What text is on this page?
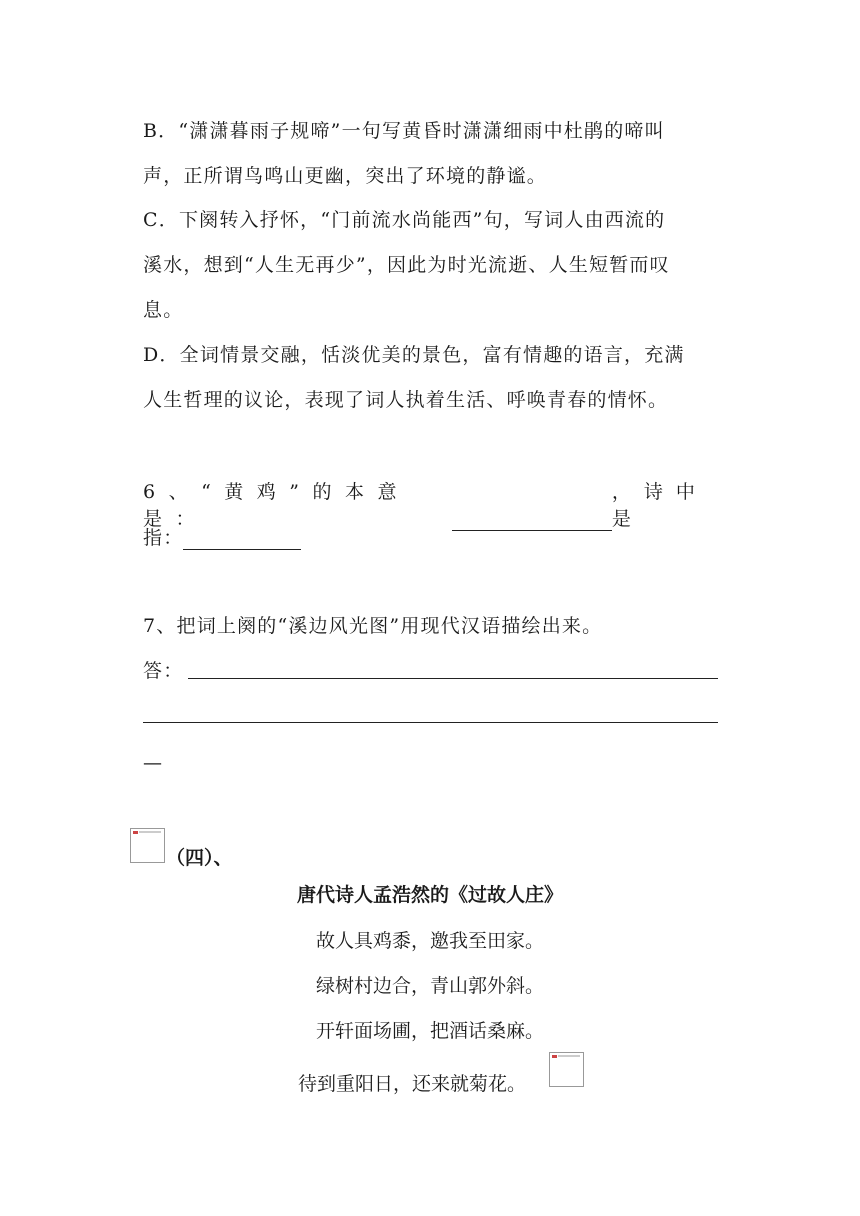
B．“潇潇暮雨子规啼”一句写黄昏时潇潇细雨中杜鹃的啼叫
声，正所谓鸟鸣山更幽，突出了环境的静谧。
C．下阕转入抒怀，“门前流水尚能西”句，写词人由西流的
溪水，想到“人生无再少”，因此为时光流逝、人生短暂而叹
息。
D．全词情景交融，恬淡优美的景色，富有情趣的语言，充满
人生哲理的议论，表现了词人执着生活、呼唤青春的情怀。
6、“黄鸡”的本意是：
，诗中是
指：
7、把词上阕的“溪边风光图”用现代汉语描绘出来。
答：
—
（四）、
唐代诗人孟浩然的《过故人庄》
故人具鸡黍，邀我至田家。
绿树村边合，青山郭外斜。
开轩面场圃，把酒话桑麻。
待到重阳日，还来就菊花。
